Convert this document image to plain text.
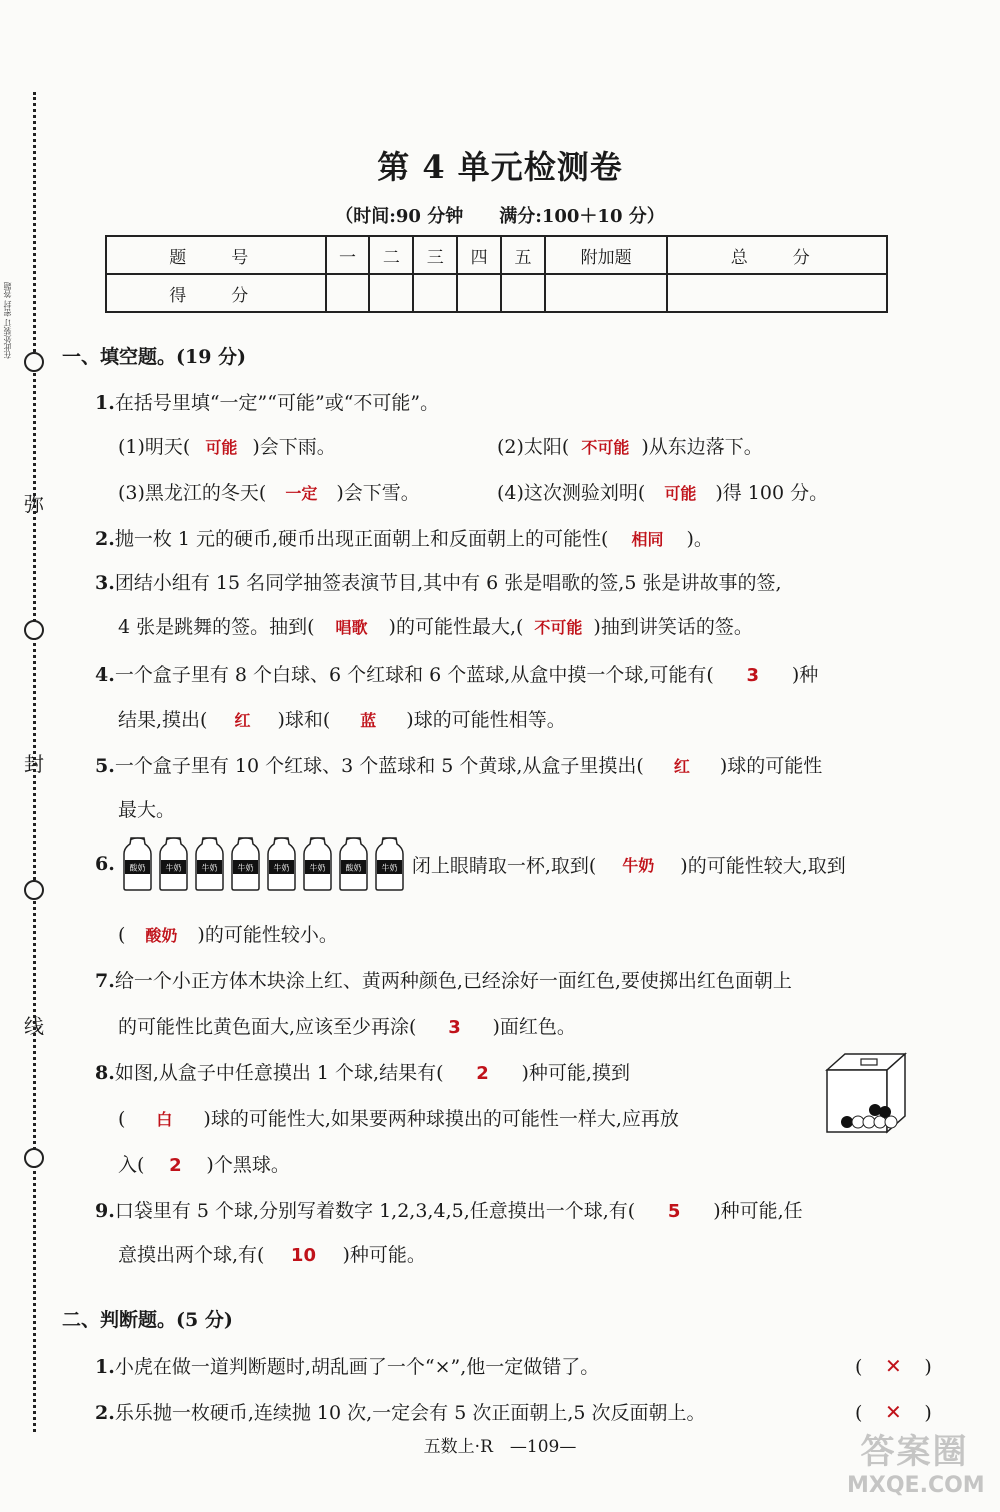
弥
封
线
在此处装订 密封 答题
第 4 单元检测卷
（时间:90 分钟　　满分:100＋10 分）
题　号	一	二	三	四	五	附加题	总　分
得　分							
一、填空题。(19 分)
1.在括号里填“一定”“可能”或“不可能”。
(1)明天( 可能 )会下雨。	(2)太阳( 不可能 )从东边落下。
(3)黑龙江的冬天( 一定 )会下雪。	(4)这次测验刘明( 可能 )得 100 分。
2.抛一枚 1 元的硬币,硬币出现正面朝上和反面朝上的可能性( 相同 )。
3.团结小组有 15 名同学抽签表演节目,其中有 6 张是唱歌的签,5 张是讲故事的签,
4 张是跳舞的签。抽到( 唱歌 )的可能性最大,( 不可能 )抽到讲笑话的签。
4.一个盒子里有 8 个白球、6 个红球和 6 个蓝球,从盒中摸一个球,可能有( 3 )种
结果,摸出( 红 )球和( 蓝 )球的可能性相等。
5.一个盒子里有 10 个红球、3 个蓝球和 5 个黄球,从盒子里摸出( 红 )球的可能性
最大。
6. 酸奶	牛奶	牛奶	牛奶	牛奶	牛奶	酸奶	牛奶 闭上眼睛取一杯,取到(	牛奶	)的可能性较大,取到
( 酸奶 )的可能性较小。
7.给一个小正方体木块涂上红、黄两种颜色,已经涂好一面红色,要使掷出红色面朝上
的可能性比黄色面大,应该至少再涂( 3 )面红色。
8.如图,从盒子中任意摸出 1 个球,结果有( 2 )种可能,摸到
( 白 )球的可能性大,如果要两种球摸出的可能性一样大,应再放
入( 2 )个黑球。
9.口袋里有 5 个球,分别写着数字 1,2,3,4,5,任意摸出一个球,有( 5 )种可能,任
意摸出两个球,有( 10 )种可能。
二、判断题。(5 分)
1.小虎在做一道判断题时,胡乱画了一个“×”,他一定做错了。	(　✕　)
2.乐乐抛一枚硬币,连续抛 10 次,一定会有 5 次正面朝上,5 次反面朝上。	(　✕　)
五数上·R　—109—	答案圈
MXQE.COM
